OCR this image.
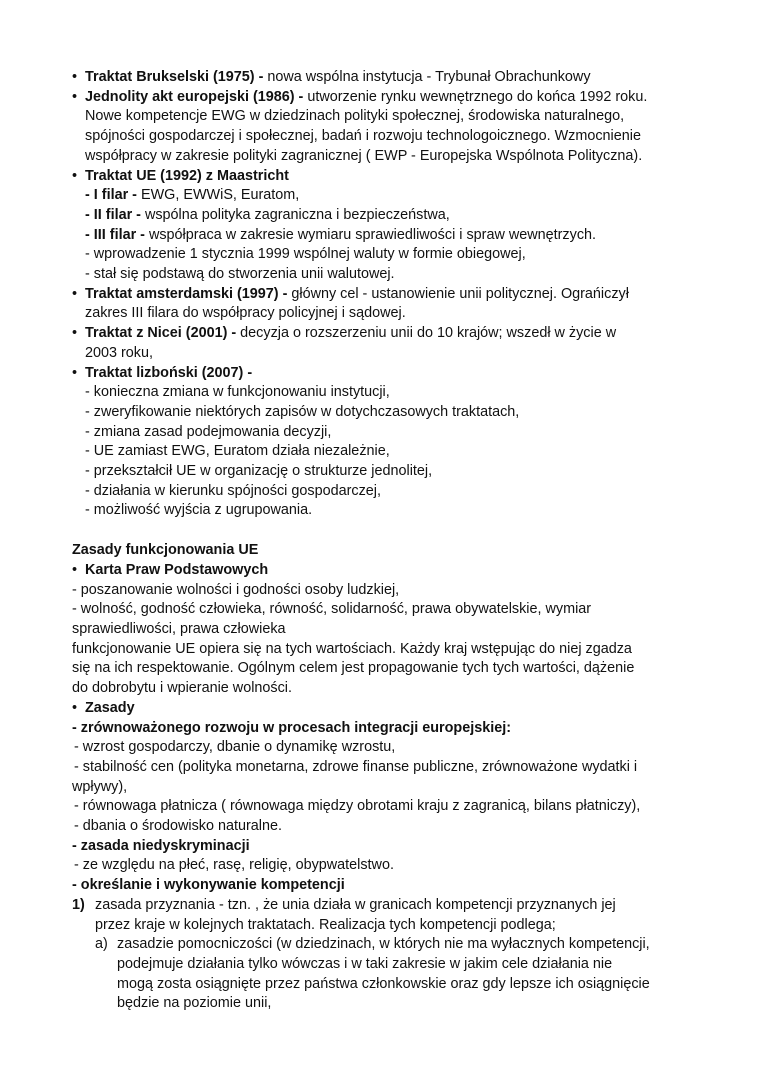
• Traktat Brukselski (1975) - nowa wspólna instytucja - Trybunał Obrachunkowy
• Jednolity akt europejski (1986) - utworzenie rynku wewnętrznego do końca 1992 roku.
Nowe kompetencje EWG w dziedzinach polityki społecznej, środowiska naturalnego,
spójności gospodarczej i społecznej, badań i rozwoju technologoicznego. Wzmocnienie
współpracy w zakresie polityki zagranicznej ( EWP - Europejska Wspólnota Polityczna).
• Traktat UE (1992) z Maastricht
- I filar - EWG, EWWiS, Euratom,
- II filar - wspólna polityka zagraniczna i bezpieczeństwa,
- III filar - współpraca w zakresie wymiaru sprawiedliwości i spraw wewnętrzych.
- wprowadzenie 1 stycznia 1999 wspólnej waluty w formie obiegowej,
- stał się podstawą do stworzenia unii walutowej.
• Traktat amsterdamski (1997) - główny cel - ustanowienie unii politycznej. Ograńiczył
zakres III filara do współpracy policyjnej i sądowej.
• Traktat z Nicei (2001) - decyzja o rozszerzeniu unii do 10 krajów; wszedł w życie w
2003 roku,
• Traktat lizboński (2007) -
- konieczna zmiana w funkcjonowaniu instytucji,
- zweryfikowanie niektórych zapisów w dotychczasowych traktatach,
- zmiana zasad podejmowania decyzji,
- UE zamiast EWG, Euratom działa niezależnie,
- przekształcił UE w organizację o strukturze jednolitej,
- działania w kierunku spójności gospodarczej,
- możliwość wyjścia z ugrupowania.
Zasady funkcjonowania UE
• Karta Praw Podstawowych
- poszanowanie wolności i godności osoby ludzkiej,
- wolność, godność człowieka, równość, solidarność, prawa obywatelskie, wymiar
sprawiedliwości, prawa człowieka
funkcjonowanie UE opiera się na tych wartościach. Każdy kraj wstępując do niej zgadza
się na ich respektowanie. Ogólnym celem jest propagowanie tych tych wartości, dążenie
do dobrobytu i wpieranie wolności.
• Zasady
- zrównoważonego rozwoju w procesach integracji europejskiej:
- wzrost gospodarczy, dbanie o dynamikę wzrostu,
- stabilność cen (polityka monetarna, zdrowe finanse publiczne, zrównoważone wydatki i
wpływy),
- równowaga płatnicza ( równowaga między obrotami kraju z zagranicą, bilans płatniczy),
- dbania o środowisko naturalne.
- zasada niedyskryminacji
- ze względu na płeć, rasę, religię, obypwatelstwo.
- określanie i wykonywanie kompetencji
1) zasada przyznania - tzn. , że unia działa w granicach kompetencji przyznanych jej
przez kraje w kolejnych traktatach. Realizacja tych kompetencji podlega;
a) zasadzie pomocniczości (w dziedzinach, w których nie ma wyłacznych kompetencji,
podejmuje działania tylko wówczas i w taki zakresie w jakim cele działania nie
mogą zosta osiągnięte przez państwa członkowskie oraz gdy lepsze ich osiągnięcie
będzie na poziomie unii,
